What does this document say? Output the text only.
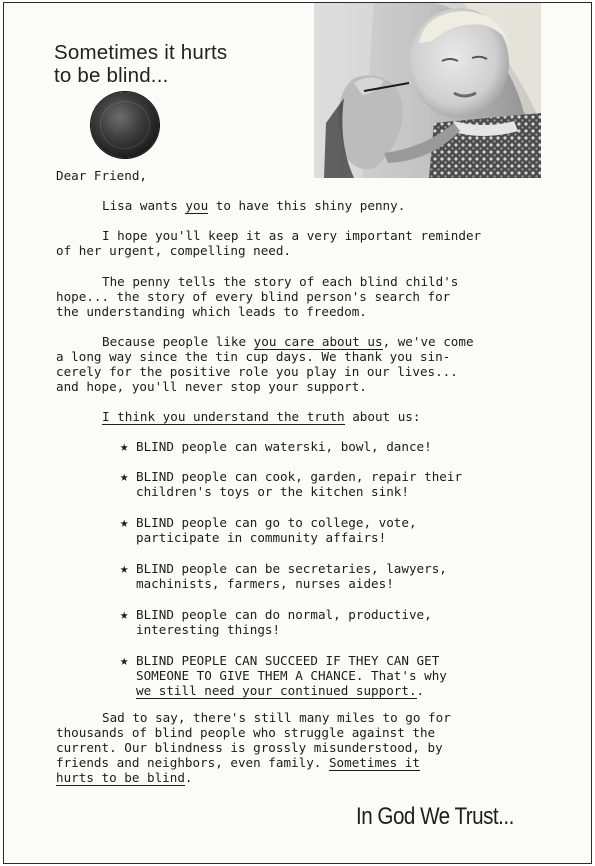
Sometimes it hurts
to be blind...

Dear Friend,

Lisa wants you to have this shiny penny.

I hope you'll keep it as a very important reminder

of her urgent, compelling need.

The penny tells the story of each blind child's

hope... the story of every blind person's search for

the understanding which leads to freedom.

Because people like you care about us, we've come

a long way since the tin cup days. We thank you sin-

cerely for the positive role you play in our lives...

and hope, you'll never stop your support.

I think you understand the truth about us:

★ BLIND people can waterski, bowl, dance!

★ BLIND people can cook, garden, repair their

children's toys or the kitchen sink!

★ BLIND people can go to college, vote,

participate in community affairs!

★ BLIND people can be secretaries, lawyers,

machinists, farmers, nurses aides!

★ BLIND people can do normal, productive,

interesting things!

★ BLIND PEOPLE CAN SUCCEED IF THEY CAN GET

SOMEONE TO GIVE THEM A CHANCE. That's why

we still need your continued support..

Sad to say, there's still many miles to go for

thousands of blind people who struggle against the

current. Our blindness is grossly misunderstood, by

friends and neighbors, even family. Sometimes it

hurts to be blind.

In God We Trust...
